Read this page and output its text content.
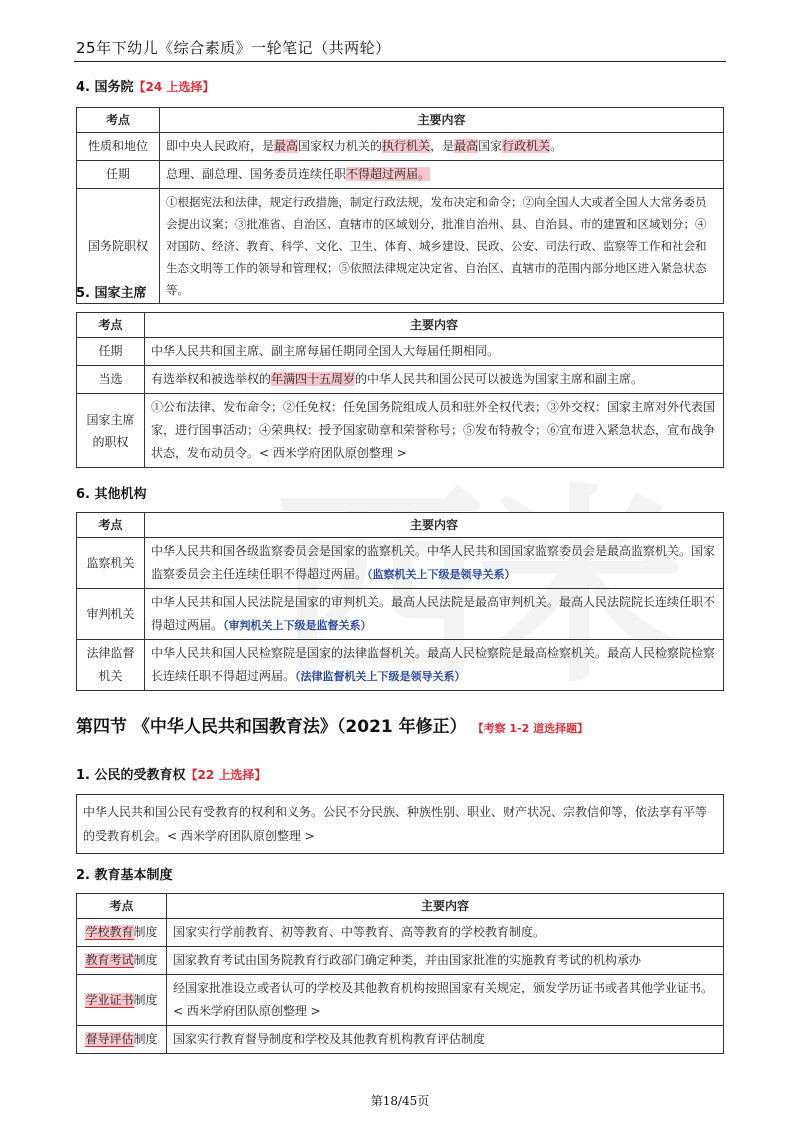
25年下幼儿《综合素质》一轮笔记（共两轮）
4. 国务院【24 上选择】
考点	主要内容
性质和地位	即中央人民政府，是最高国家权力机关的执行机关，是最高国家行政机关。
任期	总理、副总理、国务委员连续任职不得超过两届。
国务院职权	①根据宪法和法律，规定行政措施，制定行政法规，发布决定和命令；②向全国人大或者全国人大常务委员会提出议案；③批准省、自治区、直辖市的区域划分，批准自治州、县、自治县、市的建置和区域划分；④对国防、经济、教育、科学、文化、卫生、体育、城乡建设、民政、公安、司法行政、监察等工作和社会和生态文明等工作的领导和管理权；⑤依照法律规定决定省、自治区、直辖市的范围内部分地区进入紧急状态等。
5. 国家主席
考点	主要内容
任期	中华人民共和国主席、副主席每届任期同全国人大每届任期相同。
当选	有选举权和被选举权的年满四十五周岁的中华人民共和国公民可以被选为国家主席和副主席。
国家主席的职权	①公布法律、发布命令；②任免权：任免国务院组成人员和驻外全权代表；③外交权：国家主席对外代表国家，进行国事活动；④荣典权：授予国家勋章和荣誉称号；⑤发布特赦令；⑥宣布进入紧急状态，宣布战争状态，发布动员令。< 西米学府团队原创整理 >
6. 其他机构
考点	主要内容
监察机关	中华人民共和国各级监察委员会是国家的监察机关。中华人民共和国国家监察委员会是最高监察机关。国家监察委员会主任连续任职不得超过两届。（监察机关上下级是领导关系）
审判机关	中华人民共和国人民法院是国家的审判机关。最高人民法院是最高审判机关。最高人民法院院长连续任职不得超过两届。（审判机关上下级是监督关系）
法律监督机关	中华人民共和国人民检察院是国家的法律监督机关。最高人民检察院是最高检察机关。最高人民检察院检察长连续任职不得超过两届。（法律监督机关上下级是领导关系）
第四节 《中华人民共和国教育法》（2021 年修正） 【考察 1-2 道选择题】
1. 公民的受教育权【22 上选择】
中华人民共和国公民有受教育的权利和义务。公民不分民族、种族性别、职业、财产状况、宗教信仰等，依法享有平等的受教育机会。< 西米学府团队原创整理 >
2. 教育基本制度
考点	主要内容
学校教育制度	国家实行学前教育、初等教育、中等教育、高等教育的学校教育制度。
教育考试制度	国家教育考试由国务院教育行政部门确定种类，并由国家批准的实施教育考试的机构承办
学业证书制度	经国家批准设立或者认可的学校及其他教育机构按照国家有关规定，颁发学历证书或者其他学业证书。< 西米学府团队原创整理 >
督导评估制度	国家实行教育督导制度和学校及其他教育机构教育评估制度
第18/45页
